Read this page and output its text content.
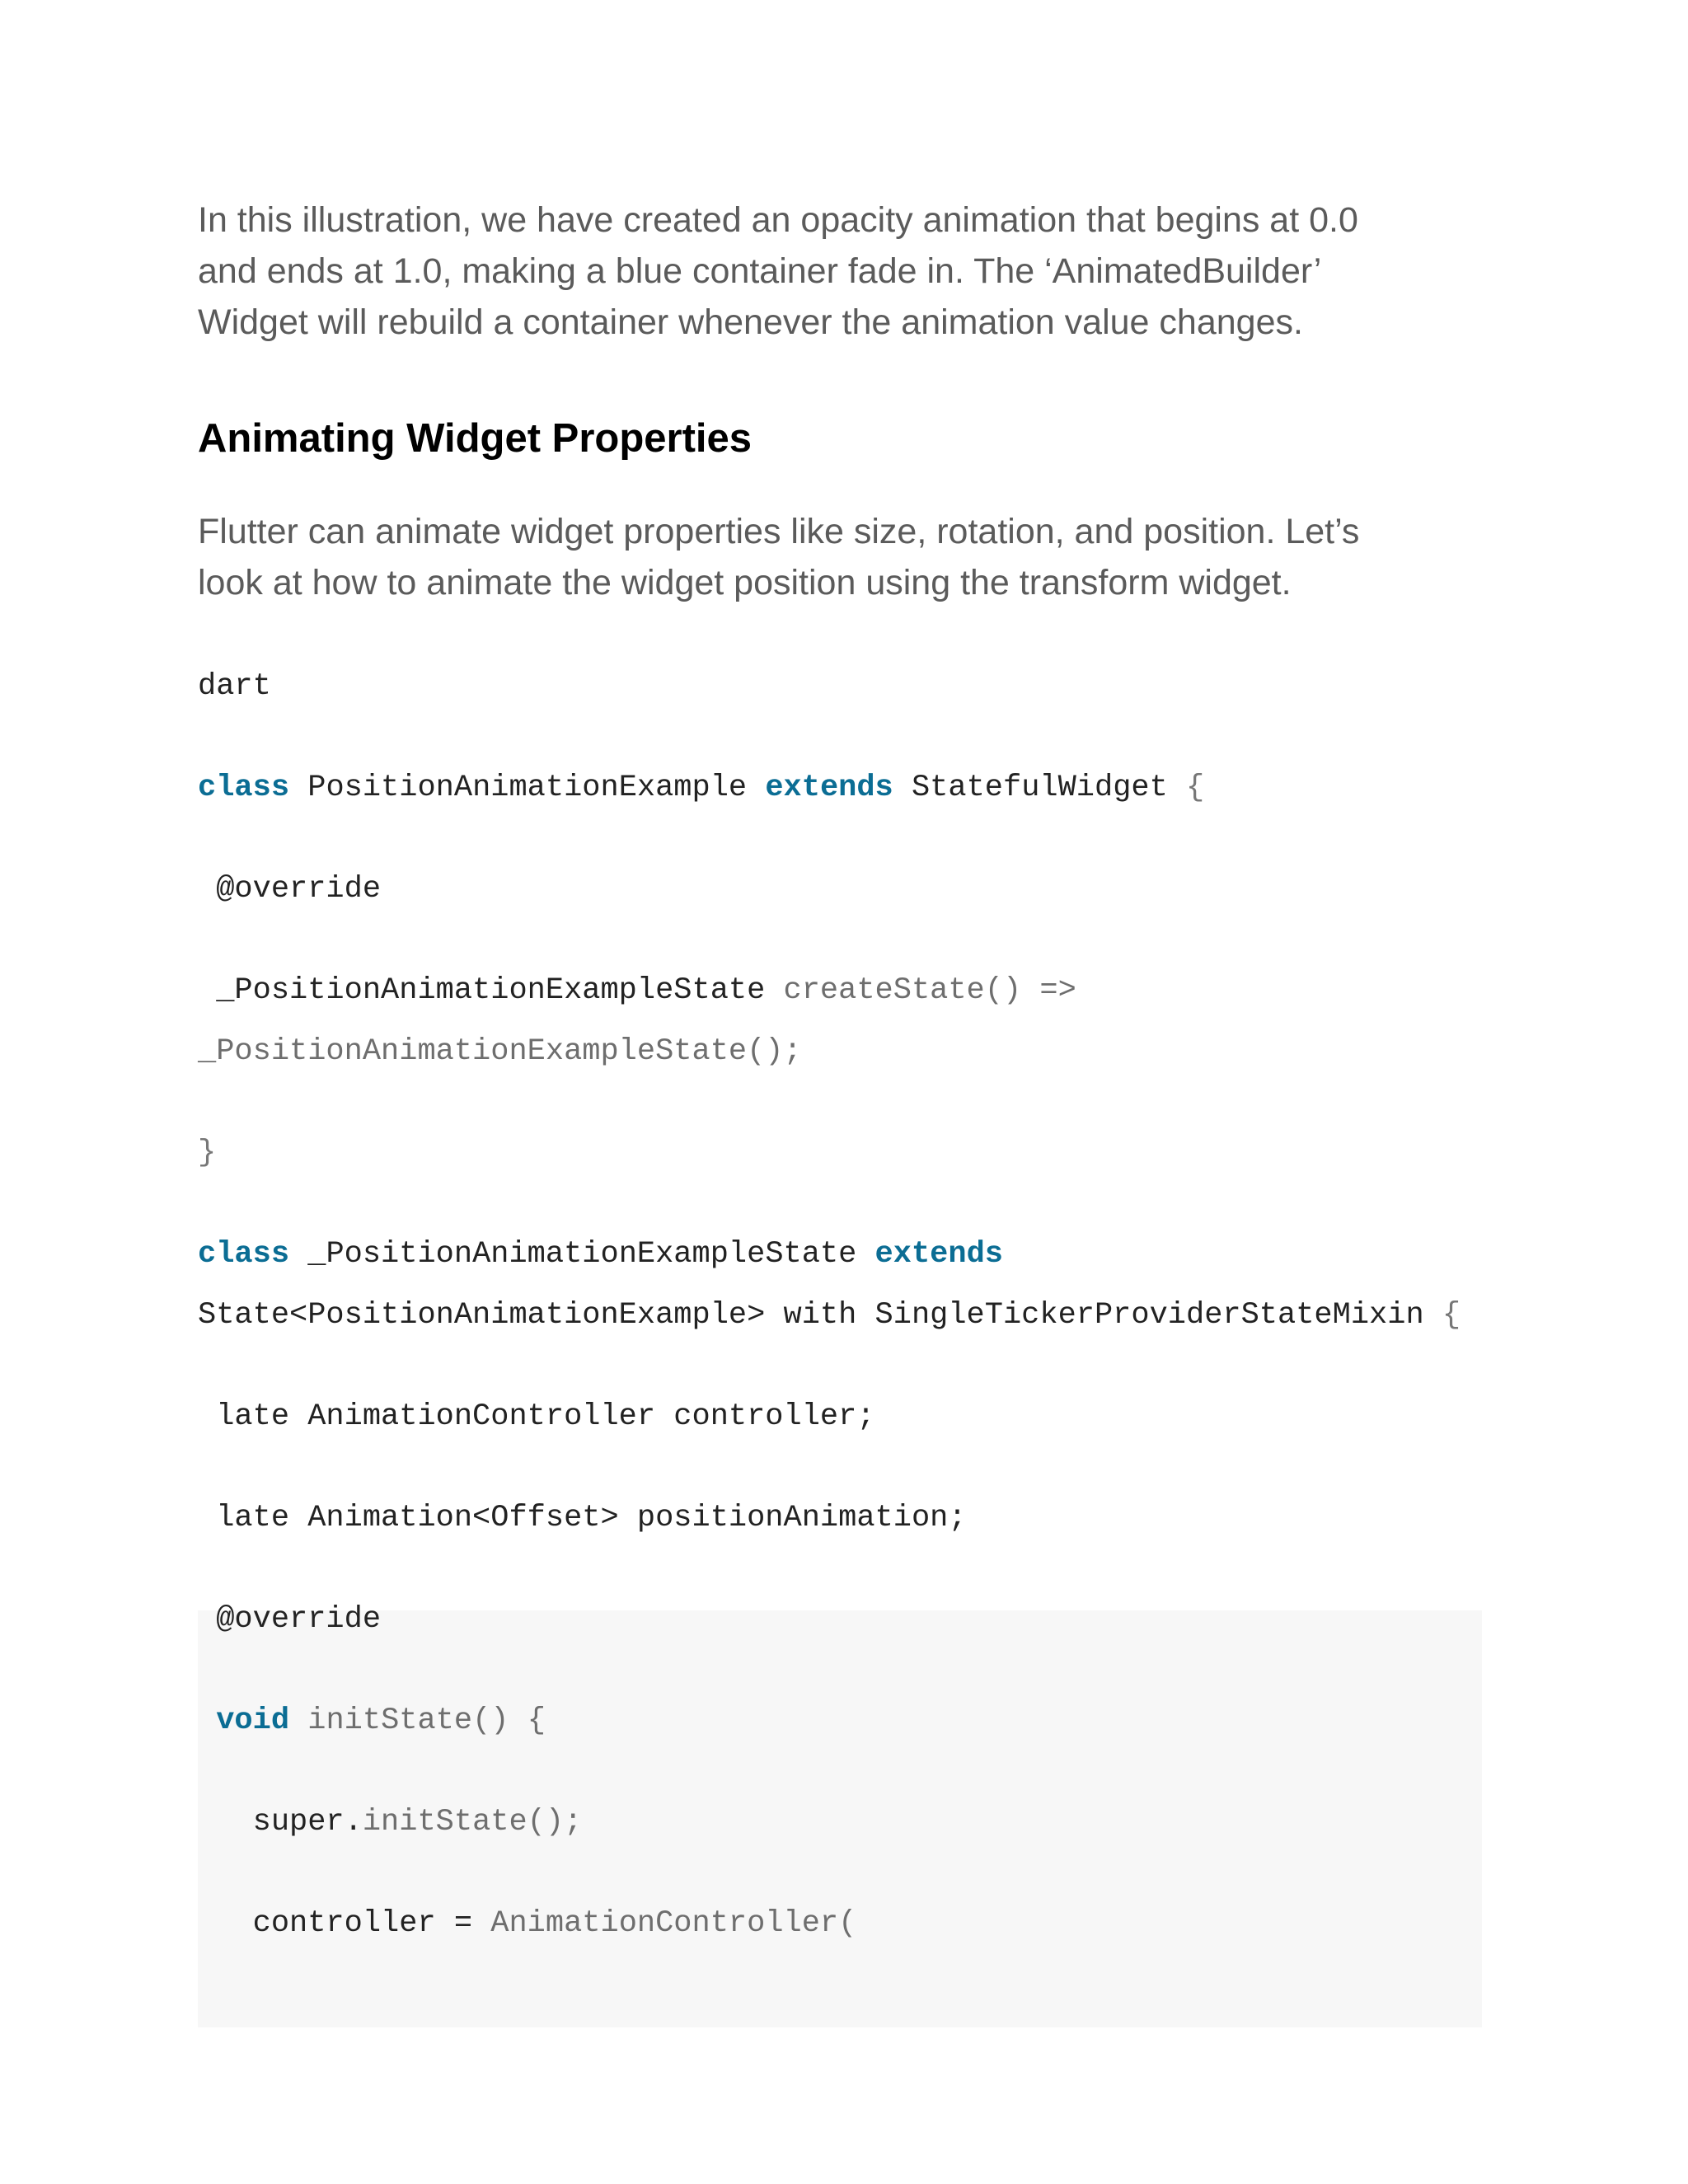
In this illustration, we have created an opacity animation that begins at 0.0
and ends at 1.0, making a blue container fade in. The ‘AnimatedBuilder’
Widget will rebuild a container whenever the animation value changes.
Animating Widget Properties
Flutter can animate widget properties like size, rotation, and position. Let’s
look at how to animate the widget position using the transform widget.
dart
class PositionAnimationExample extends StatefulWidget {
@override
_PositionAnimationExampleState createState() =>
_PositionAnimationExampleState();
}
class _PositionAnimationExampleState extends
State<PositionAnimationExample> with SingleTickerProviderStateMixin {
late AnimationController controller;
late Animation<Offset> positionAnimation;
@override
void initState() {
super.initState();
controller = AnimationController(
